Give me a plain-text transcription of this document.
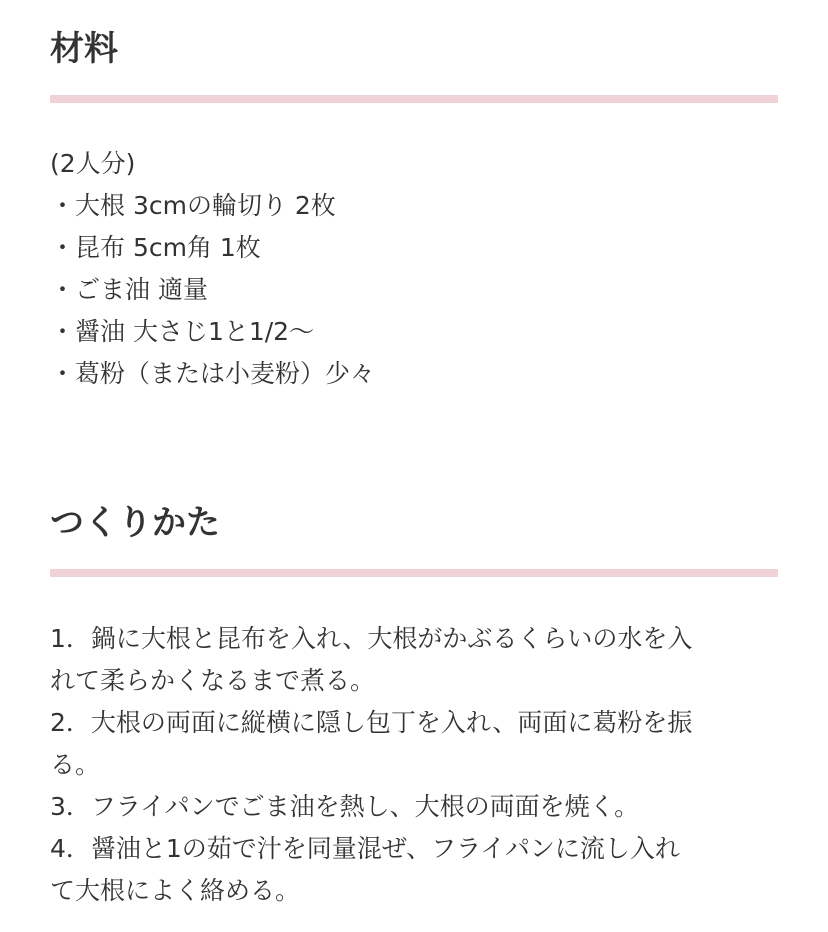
材料
(2人分)
・大根 3cmの輪切り 2枚
・昆布 5cm角 1枚
・ごま油 適量
・醤油 大さじ1と1/2〜
・葛粉（または小麦粉）少々
つくりかた
1．鍋に大根と昆布を入れ、大根がかぶるくらいの水を入
れて柔らかくなるまで煮る。
2．大根の両面に縦横に隠し包丁を入れ、両面に葛粉を振
る。
3．フライパンでごま油を熱し、大根の両面を焼く。
4．醤油と1の茹で汁を同量混ぜ、フライパンに流し入れ
て大根によく絡める。
